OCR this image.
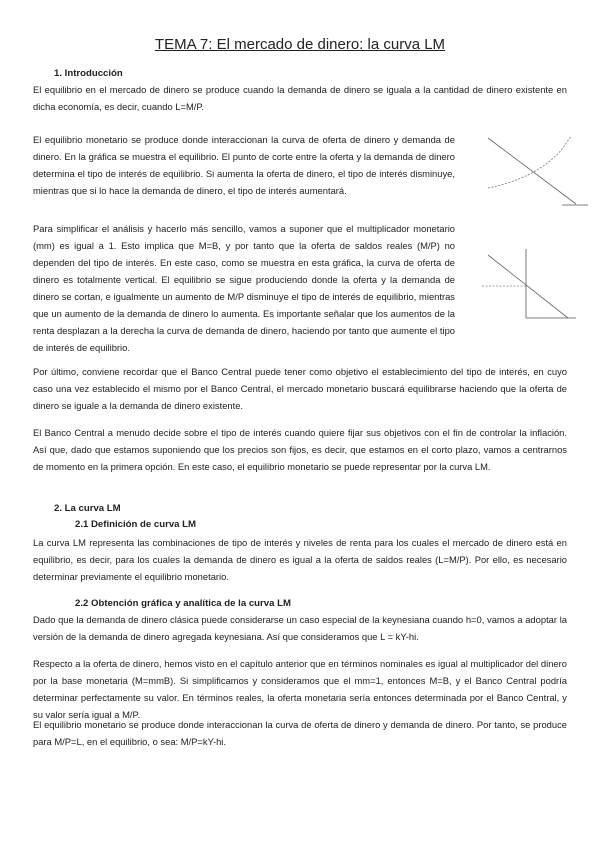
TEMA 7: El mercado de dinero: la curva LM
1. Introducción
El equilibrio en el mercado de dinero se produce cuando la demanda de dinero se iguala a la cantidad de dinero existente en dicha economía, es decir, cuando L=M/P.
El equilibrio monetario se produce donde interaccionan la curva de oferta de dinero y demanda de dinero. En la gráfica se muestra el equilibrio. El punto de corte entre la oferta y la demanda de dinero determina el tipo de interés de equilibrio. Si aumenta la oferta de dinero, el tipo de interés disminuye, mientras que si lo hace la demanda de dinero, el tipo de interés aumentará.
Para simplificar el análisis y hacerlo más sencillo, vamos a suponer que el multiplicador monetario (mm) es igual a 1. Esto implica que M=B, y por tanto que la oferta de saldos reales (M/P) no dependen del tipo de interés. En este caso, como se muestra en esta gráfica, la curva de oferta de dinero es totalmente vertical. El equilibrio se sigue produciendo donde la oferta y la demanda de dinero se cortan, e igualmente un aumento de M/P disminuye el tipo de interés de equilibrio, mientras que un aumento de la demanda de dinero lo aumenta. Es importante señalar que los aumentos de la renta desplazan a la derecha la curva de demanda de dinero, haciendo por tanto que aumente el tipo de interés de equilibrio.
Por último, conviene recordar que el Banco Central puede tener como objetivo el establecimiento del tipo de interés, en cuyo caso una vez establecido el mismo por el Banco Central, el mercado monetario buscará equilibrarse haciendo que la oferta de dinero se iguale a la demanda de dinero existente.
El Banco Central a menudo decide sobre el tipo de interés cuando quiere fijar sus objetivos con el fin de controlar la inflación. Así que, dado que estamos suponiendo que los precios son fijos, es decir, que estamos en el corto plazo, vamos a centrarnos de momento en la primera opción. En este caso, el equilibrio monetario se puede representar por la curva LM.
2. La curva LM
2.1 Definición de curva LM
La curva LM representa las combinaciones de tipo de interés y niveles de renta para los cuales el mercado de dinero está en equilibrio, es decir, para los cuales la demanda de dinero es igual a la oferta de saldos reales (L=M/P). Por ello, es necesario determinar previamente el equilibrio monetario.
2.2 Obtención gráfica y analítica de la curva LM
Dado que la demanda de dinero clásica puede considerarse un caso especial de la keynesiana cuando h=0, vamos a adoptar la versión de la demanda de dinero agregada keynesiana. Así que consideramos que L = kY-hi.
Respecto a la oferta de dinero, hemos visto en el capítulo anterior que en términos nominales es igual al multiplicador del dinero por la base monetaria (M=mmB). Si simplificamos y consideramos que el mm=1, entonces M=B, y el Banco Central podría determinar perfectamente su valor. En términos reales, la oferta monetaria sería entonces determinada por el Banco Central, y su valor sería igual a M/P.
El equilibrio monetario se produce donde interaccionan la curva de oferta de dinero y demanda de dinero. Por tanto, se produce para M/P=L, en el equilibrio, o sea: M/P=kY-hi.
